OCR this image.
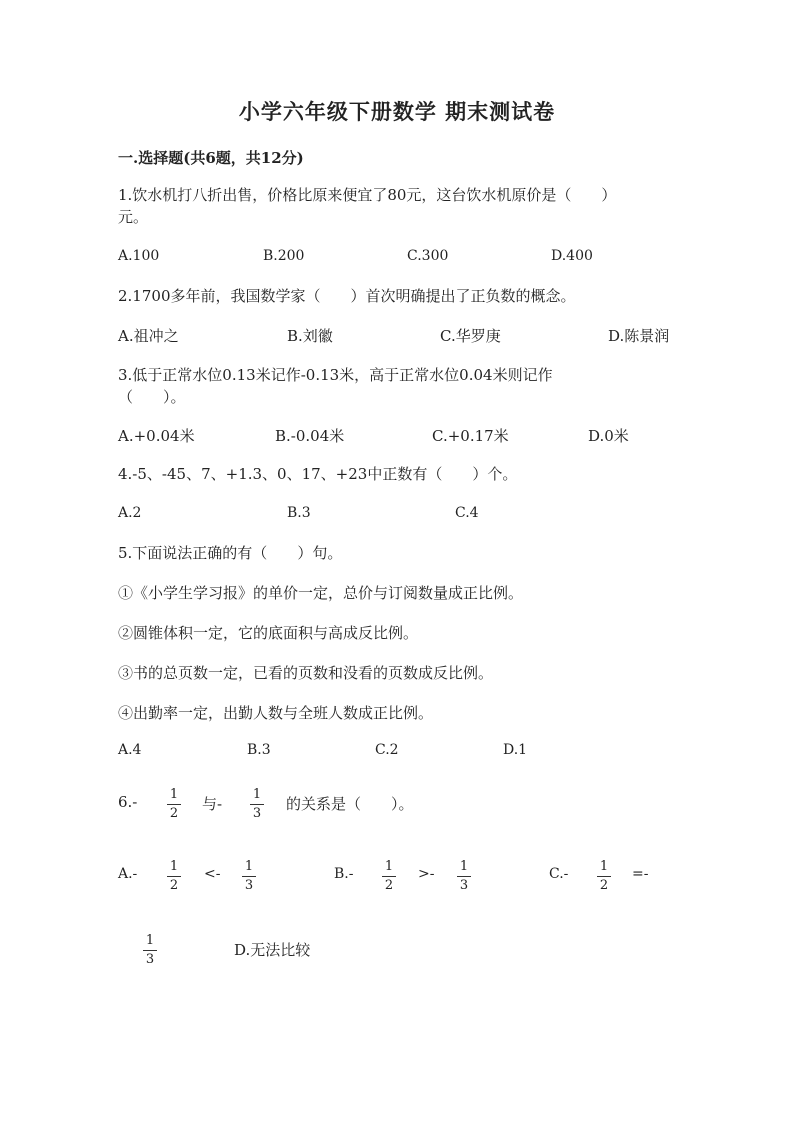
小学六年级下册数学 期末测试卷
一.选择题(共6题，共12分)
1.饮水机打八折出售，价格比原来便宜了80元，这台饮水机原价是（　　）
元。
A.100	B.200	C.300	D.400
2.1700多年前，我国数学家（　　）首次明确提出了正负数的概念。
A.祖冲之	B.刘徽	C.华罗庚	D.陈景润
3.低于正常水位0.13米记作-0.13米，高于正常水位0.04米则记作
（　　）。
A.+0.04米	B.-0.04米	C.+0.17米	D.0米
4.-5、-45、7、+1.3、0、17、+23中正数有（　　）个。
A.2	B.3	C.4
5.下面说法正确的有（　　）句。
①《小学生学习报》的单价一定，总价与订阅数量成正比例。
②圆锥体积一定，它的底面积与高成反比例。
③书的总页数一定，已看的页数和没看的页数成反比例。
④出勤率一定，出勤人数与全班人数成正比例。
A.4	B.3	C.2	D.1
$6.- \frac{1}{2}$ 与- $\frac{1}{3}$ 的关系是（　　）。
$A.- \frac{1}{2} <- \frac{1}{3}$	$B.- \frac{1}{2} >- \frac{1}{3}$	$C.- \frac{1}{2}$ =-
$\frac{1}{3}$	D.无法比较
